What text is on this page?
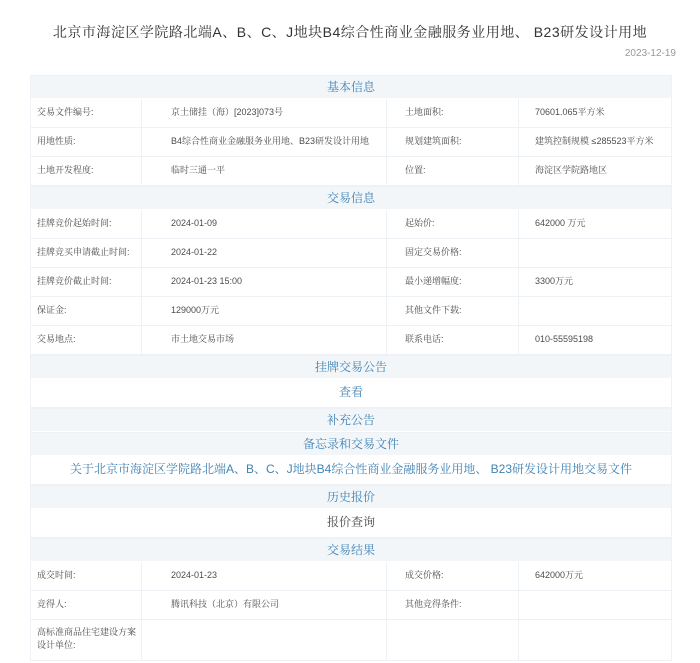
北京市海淀区学院路北端A、B、C、J地块B4综合性商业金融服务业用地、 B23研发设计用地
2023-12-19
基本信息
交易文件编号:	京土储挂（海）[2023]073号	土地面积:	70601.065平方米
用地性质:	B4综合性商业金融服务业用地、B23研发设计用地	规划建筑面积:	建筑控制规模 ≤285523平方米
土地开发程度:	临时三通一平	位置:	海淀区学院路地区
交易信息
挂牌竞价起始时间:	2024-01-09	起始价:	642000 万元
挂牌竞买申请截止时间:	2024-01-22	固定交易价格:
挂牌竞价截止时间:	2024-01-23 15:00	最小递增幅度:	3300万元
保证金:	129000万元	其他文件下载:
交易地点:	市土地交易市场	联系电话:	010-55595198
挂牌交易公告
查看
补充公告
备忘录和交易文件
关于北京市海淀区学院路北端A、B、C、J地块B4综合性商业金融服务业用地、 B23研发设计用地交易文件
历史报价
报价查询
交易结果
成交时间:	2024-01-23	成交价格:	642000万元
竞得人:	腾讯科技（北京）有限公司	其他竞得条件:
高标准商品住宅建设方案设计单位:
